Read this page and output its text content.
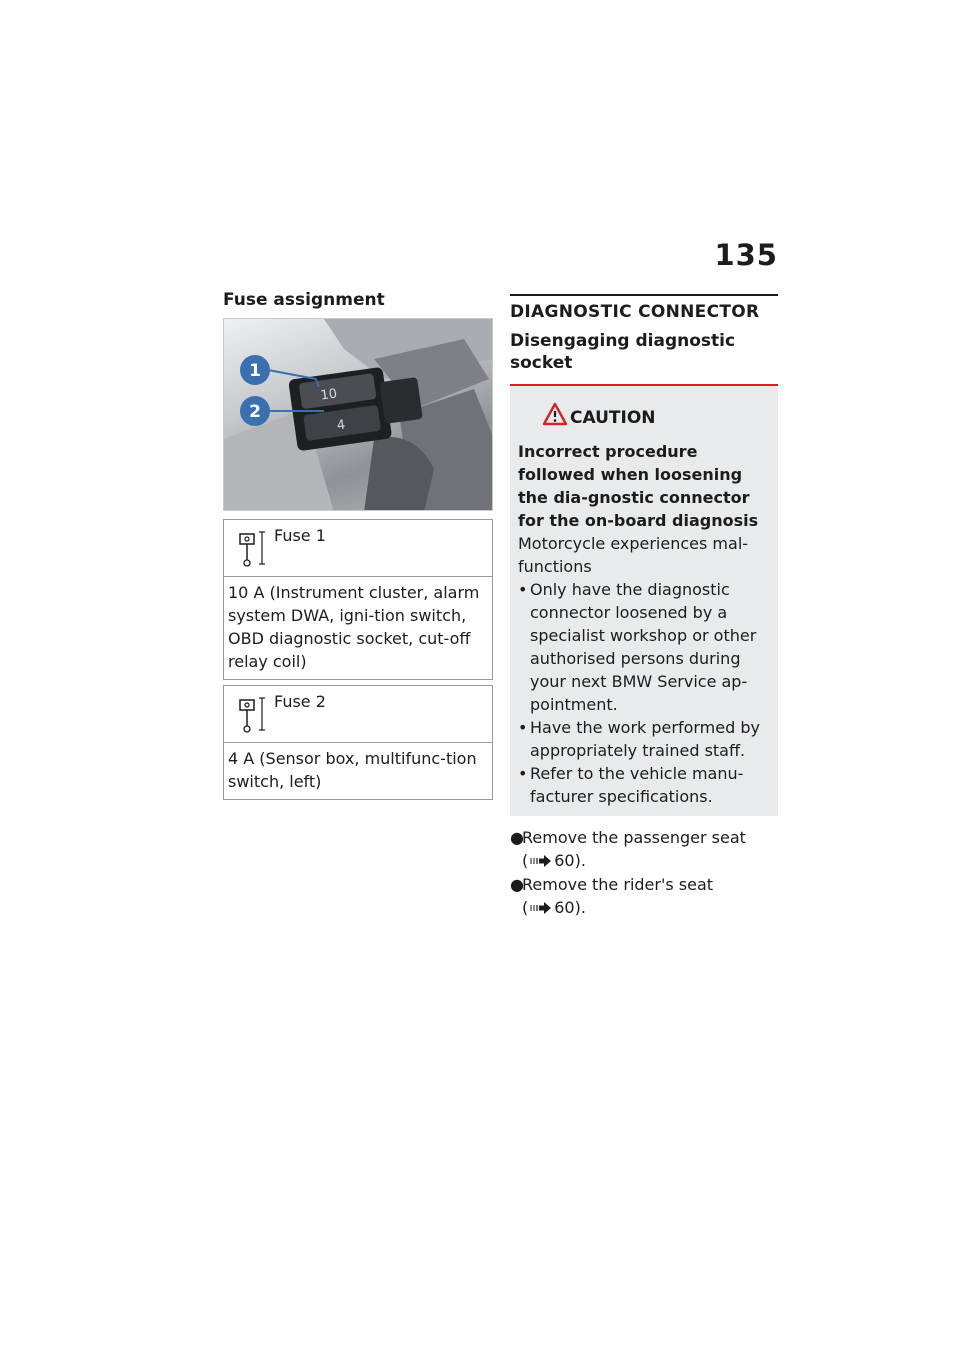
135
Fuse assignment
10
4
1
2
Fuse 1
10 A (Instrument cluster, alarm system DWA, igni-tion switch, OBD diagnostic socket, cut-off relay coil)
Fuse 2
4 A (Sensor box, multifunc-tion switch, left)
DIAGNOSTIC CONNECTOR
Disengaging diagnostic socket
CAUTION
Incorrect procedure followed when loosening the dia-gnostic connector for the on-board diagnosis
Motorcycle experiences mal-functions
• Only have the diagnostic connector loosened by a specialist workshop or other authorised persons during your next BMW Service ap-pointment.
• Have the work performed by appropriately trained staff.
• Refer to the vehicle manu-facturer specifications.
●
Remove the passenger seat
( 60).
●
Remove the rider's seat
( 60).
